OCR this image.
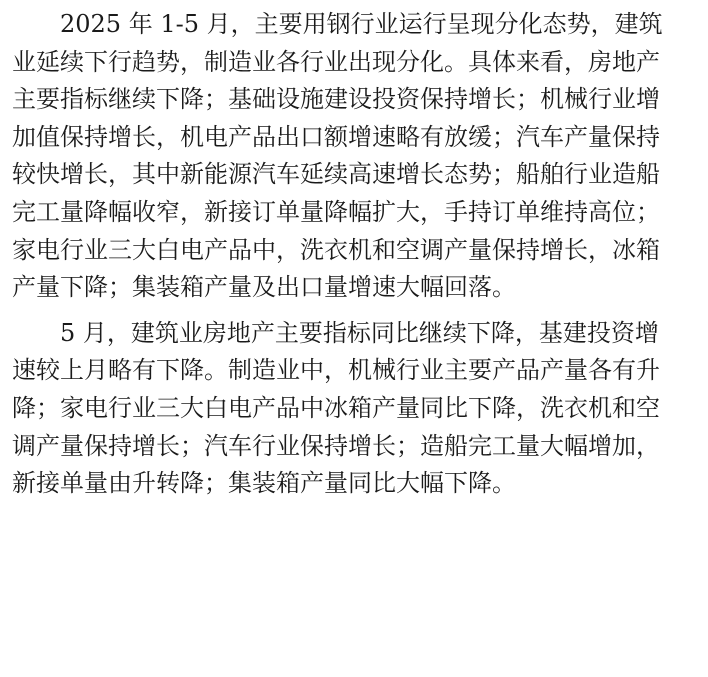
2025 年 1-5 月，主要用钢行业运行呈现分化态势，建筑
业延续下行趋势，制造业各行业出现分化。具体来看，房地产
主要指标继续下降；基础设施建设投资保持增长；机械行业增
加值保持增长，机电产品出口额增速略有放缓；汽车产量保持
较快增长，其中新能源汽车延续高速增长态势；船舶行业造船
完工量降幅收窄，新接订单量降幅扩大，手持订单维持高位；
家电行业三大白电产品中，洗衣机和空调产量保持增长，冰箱
产量下降；集装箱产量及出口量增速大幅回落。
5 月，建筑业房地产主要指标同比继续下降，基建投资增
速较上月略有下降。制造业中，机械行业主要产品产量各有升
降；家电行业三大白电产品中冰箱产量同比下降，洗衣机和空
调产量保持增长；汽车行业保持增长；造船完工量大幅增加，
新接单量由升转降；集装箱产量同比大幅下降。
